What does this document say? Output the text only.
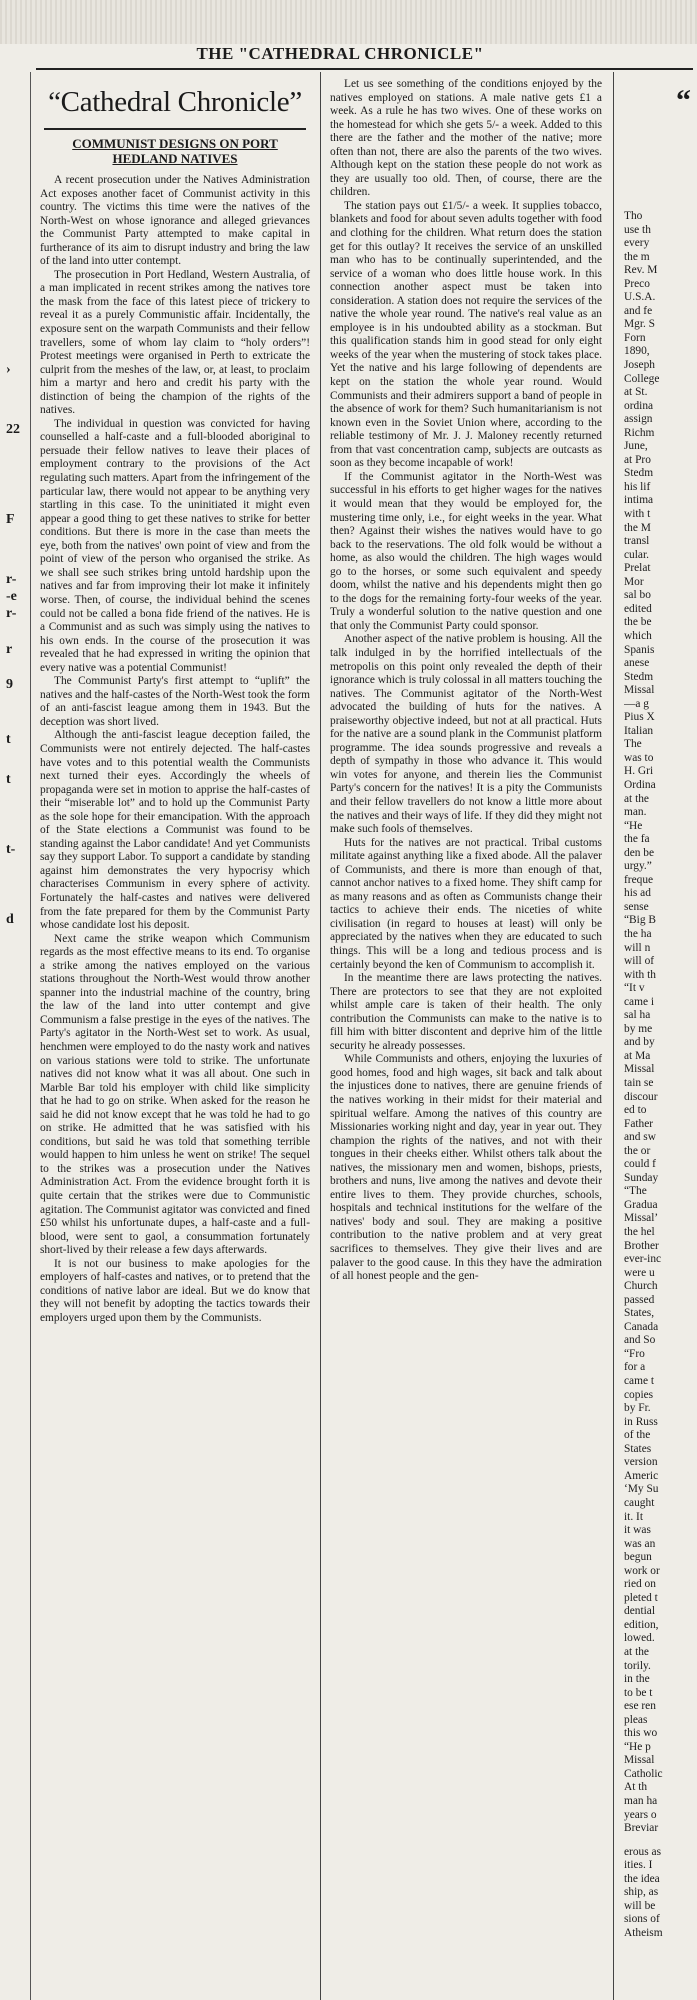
THE "CATHEDRAL CHRONICLE"
›
22
F
r-
-e
r-
r
9
t
t
t-
d
“Cathedral Chronicle”
COMMUNIST DESIGNS ON PORT HEDLAND NATIVES

A recent prosecution under the Natives Administration Act exposes another facet of Communist activity in this country. The victims this time were the natives of the North-West on whose ignorance and alleged grievances the Communist Party attempted to make capital in furtherance of its aim to disrupt industry and bring the law of the land into utter contempt.

The prosecution in Port Hedland, Western Australia, of a man implicated in recent strikes among the natives tore the mask from the face of this latest piece of trickery to reveal it as a purely Communistic affair. Incidentally, the exposure sent on the warpath Communists and their fellow travellers, some of whom lay claim to “holy orders”! Protest meetings were organised in Perth to extricate the culprit from the meshes of the law, or, at least, to proclaim him a martyr and hero and credit his party with the distinction of being the champion of the rights of the natives.

The individual in question was convicted for having counselled a half-caste and a full-blooded aboriginal to persuade their fellow natives to leave their places of employment contrary to the provisions of the Act regulating such matters. Apart from the infringement of the particular law, there would not appear to be anything very startling in this case. To the uninitiated it might even appear a good thing to get these natives to strike for better conditions. But there is more in the case than meets the eye, both from the natives' own point of view and from the point of view of the person who organised the strike. As we shall see such strikes bring untold hardship upon the natives and far from improving their lot make it infinitely worse. Then, of course, the individual behind the scenes could not be called a bona fide friend of the natives. He is a Communist and as such was simply using the natives to his own ends. In the course of the prosecution it was revealed that he had expressed in writing the opinion that every native was a potential Communist!

The Communist Party's first attempt to “uplift” the natives and the half-castes of the North-West took the form of an anti-fascist league among them in 1943. But the deception was short lived.

Although the anti-fascist league deception failed, the Communists were not entirely dejected. The half-castes have votes and to this potential wealth the Communists next turned their eyes. Accordingly the wheels of propaganda were set in motion to apprise the half-castes of their “miserable lot” and to hold up the Communist Party as the sole hope for their emancipation. With the approach of the State elections a Communist was found to be standing against the Labor candidate! And yet Communists say they support Labor. To support a candidate by standing against him demonstrates the very hypocrisy which characterises Communism in every sphere of activity. Fortunately the half-castes and natives were delivered from the fate prepared for them by the Communist Party whose candidate lost his deposit.

Next came the strike weapon which Communism regards as the most effective means to its end. To organise a strike among the natives employed on the various stations throughout the North-West would throw another spanner into the industrial machine of the country, bring the law of the land into utter contempt and give Communism a false prestige in the eyes of the natives. The Party's agitator in the North-West set to work. As usual, henchmen were employed to do the nasty work and natives on various stations were told to strike. The unfortunate natives did not know what it was all about. One such in Marble Bar told his employer with child like simplicity that he had to go on strike. When asked for the reason he said he did not know except that he was told he had to go on strike. He admitted that he was satisfied with his conditions, but said he was told that something terrible would happen to him unless he went on strike! The sequel to the strikes was a prosecution under the Natives Administration Act. From the evidence brought forth it is quite certain that the strikes were due to Communistic agitation. The Communist agitator was convicted and fined £50 whilst his unfortunate dupes, a half-caste and a full-blood, were sent to gaol, a consummation fortunately short-lived by their release a few days afterwards.

It is not our business to make apologies for the employers of half-castes and natives, or to pretend that the conditions of native labor are ideal. But we do know that they will not benefit by adopting the tactics towards their employers urged upon them by the Communists.

Let us see something of the conditions enjoyed by the natives employed on stations. A male native gets £1 a week. As a rule he has two wives. One of these works on the homestead for which she gets 5/- a week. Added to this there are the father and the mother of the native; more often than not, there are also the parents of the two wives. Although kept on the station these people do not work as they are usually too old. Then, of course, there are the children.

The station pays out £1/5/- a week. It supplies tobacco, blankets and food for about seven adults together with food and clothing for the children. What return does the station get for this outlay? It receives the service of an unskilled man who has to be continually superintended, and the service of a woman who does little house work. In this connection another aspect must be taken into consideration. A station does not require the services of the native the whole year round. The native's real value as an employee is in his undoubted ability as a stockman. But this qualification stands him in good stead for only eight weeks of the year when the mustering of stock takes place. Yet the native and his large following of dependents are kept on the station the whole year round. Would Communists and their admirers support a band of people in the absence of work for them? Such humanitarianism is not known even in the Soviet Union where, according to the reliable testimony of Mr. J. J. Maloney recently returned from that vast concentration camp, subjects are outcasts as soon as they become incapable of work!

If the Communist agitator in the North-West was successful in his efforts to get higher wages for the natives it would mean that they would be employed for, the mustering time only, i.e., for eight weeks in the year. What then? Against their wishes the natives would have to go back to the reservations. The old folk would be without a home, as also would the children. The high wages would go to the horses, or some such equivalent and speedy doom, whilst the native and his dependents might then go to the dogs for the remaining forty-four weeks of the year. Truly a wonderful solution to the native question and one that only the Communist Party could sponsor.

Another aspect of the native problem is housing. All the talk indulged in by the horrified intellectuals of the metropolis on this point only revealed the depth of their ignorance which is truly colossal in all matters touching the natives. The Communist agitator of the North-West advocated the building of huts for the natives. A praiseworthy objective indeed, but not at all practical. Huts for the native are a sound plank in the Communist platform programme. The idea sounds progressive and reveals a depth of sympathy in those who advance it. This would win votes for anyone, and therein lies the Communist Party's concern for the natives! It is a pity the Communists and their fellow travellers do not know a little more about the natives and their ways of life. If they did they might not make such fools of themselves.

Huts for the natives are not practical. Tribal customs militate against anything like a fixed abode. All the palaver of Communists, and there is more than enough of that, cannot anchor natives to a fixed home. They shift camp for as many reasons and as often as Communists change their tactics to achieve their ends. The niceties of white civilisation (in regard to houses at least) will only be appreciated by the natives when they are educated to such things. This will be a long and tedious process and is certainly beyond the ken of Communism to accomplish it.

In the meantime there are laws protecting the natives. There are protectors to see that they are not exploited whilst ample care is taken of their health. The only contribution the Communists can make to the native is to fill him with bitter discontent and deprive him of the little security he already possesses.

While Communists and others, enjoying the luxuries of good homes, food and high wages, sit back and talk about the injustices done to natives, there are genuine friends of the natives working in their midst for their material and spiritual welfare. Among the natives of this country are Missionaries working night and day, year in year out. They champion the rights of the natives, and not with their tongues in their cheeks either. Whilst others talk about the natives, the missionary men and women, bishops, priests, brothers and nuns, live among the natives and devote their entire lives to them. They provide churches, schools, hospitals and technical institutions for the welfare of the natives' body and soul. They are making a positive contribution to the native problem and at very great sacrifices to themselves. They give their lives and are palaver to the good cause. In this they have the admiration of all honest people and the gen-

“

Tho

use th

every

the m

Rev. M

Preco

U.S.A.

and fe

Mgr. S

Forn

1890,

Joseph

College

at St.

ordina

assign

Richm

June,

at Pro

Stedm

his lif

intima

with t

the M

transl

cular.

Prelat

Mor

sal bo

edited

the be

which

Spanis

anese

Stedm

Missal

—a g

Pius X

Italian

The

was to

H. Gri

Ordina

at the

man.

“He

the fa

den be

urgy.”

freque

his ad

sense

“Big B

the ha

will n

will of

with th

“It v

came i

sal ha

by me

and by

at Ma

Missal

tain se

discour

ed to

Father

and sw

the or

could f

Sunday

“The

Gradua

Missal’

the hel

Brother

ever-inc

were u

Church

passed

States,

Canada

and So

“Fro

for a

came t

copies

by Fr.

in Russ

of the

States

version

Americ

‘My Su

caught

it. It

it was

was an

begun

work or

ried on

pleted t

dential

edition,

lowed.

at the

torily.

in the

to be t

ese ren

pleas

this wo

“He p

Missal

Catholic

At th

man ha

years o

Breviar

erous as

ities. I

the idea

ship, as

will be

sions of

Atheism
